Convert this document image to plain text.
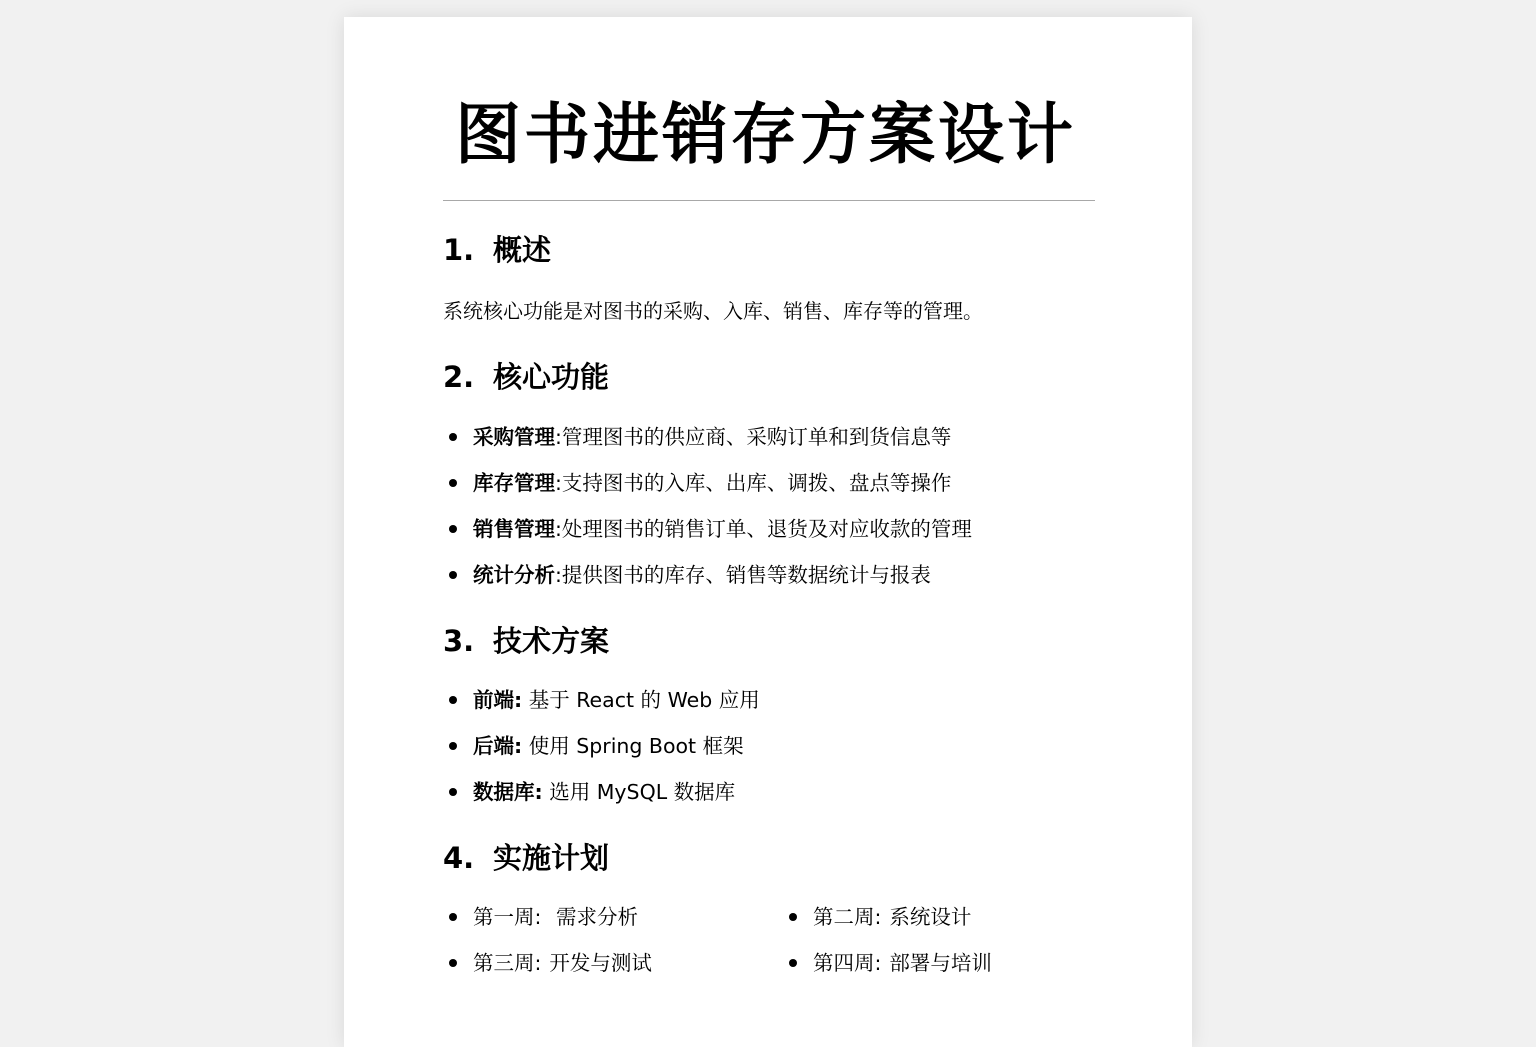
图书进销存方案设计
1. 概述

系统核心功能是对图书的采购、入库、销售、库存等的管理。

2. 核心功能
采购管理:管理图书的供应商、采购订单和到货信息等
库存管理:支持图书的入库、出库、调拨、盘点等操作
销售管理:处理图书的销售订单、退货及对应收款的管理
统计分析:提供图书的库存、销售等数据统计与报表
3. 技术方案
前端: 基于 React 的 Web 应用
后端: 使用 Spring Boot 框架
数据库: 选用 MySQL 数据库
4. 实施计划
第一周: 需求分析	第二周: 系统设计
第三周: 开发与测试	第四周: 部署与培训
